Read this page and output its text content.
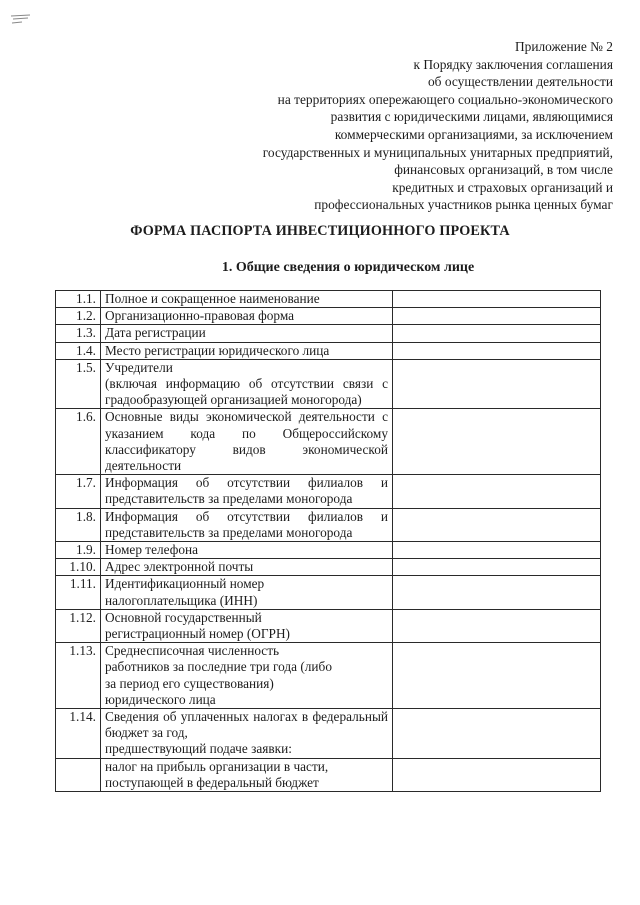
Приложение № 2
к Порядку заключения соглашения
об осуществлении деятельности
на территориях опережающего социально-экономического
развития с юридическими лицами, являющимися
коммерческими организациями, за исключением
государственных и муниципальных унитарных предприятий,
финансовых организаций, в том числе
кредитных и страховых организаций и
профессиональных участников рынка ценных бумаг
ФОРМА ПАСПОРТА ИНВЕСТИЦИОННОГО ПРОЕКТА
1. Общие сведения о юридическом лице
1.1.	Полное и сокращенное наименование	
1.2.	Организационно-правовая форма	
1.3.	Дата регистрации	
1.4.	Место регистрации юридического лица	
1.5.	Учредители
(включая информацию об отсутствии связи с градообразующей организацией моногорода)	
1.6.	Основные виды экономической деятельности с указанием кода по Общероссийскому классификатору видов экономической деятельности	
1.7.	Информация об отсутствии филиалов и представительств за пределами моногорода	
1.8.	Информация об отсутствии филиалов и представительств за пределами моногорода	
1.9.	Номер телефона	
1.10.	Адрес электронной почты	
1.11.	Идентификационный номер
налогоплательщика (ИНН)	
1.12.	Основной государственный
регистрационный номер (ОГРН)	
1.13.	Среднесписочная численность
работников за последние три года (либо
за период его существования)
юридического лица	
1.14.	Сведения об уплаченных налогах в федеральный бюджет за год,
предшествующий подаче заявки:	
	налог на прибыль организации в части,
поступающей в федеральный бюджет	
